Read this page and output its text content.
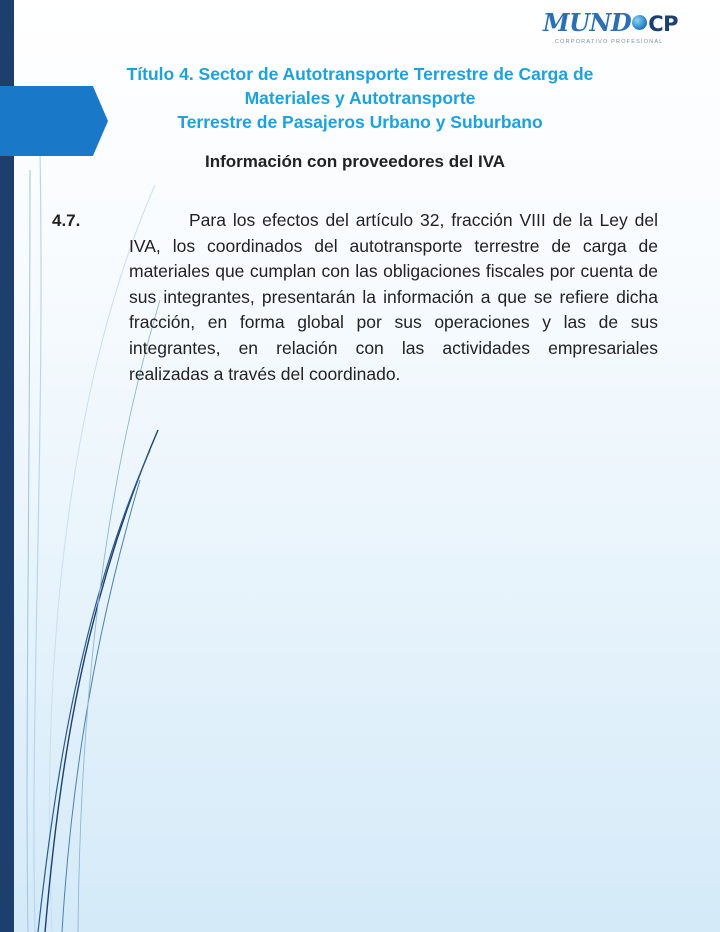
MUND CP
CORPORATIVO PROFESIONAL
Título 4. Sector de Autotransporte Terrestre de Carga de
Materiales y Autotransporte
Terrestre de Pasajeros Urbano y Suburbano
Información con proveedores del IVA
4.7.	Para los efectos del artículo 32, fracción VIII de la Ley del IVA, los coordinados del autotransporte terrestre de carga de materiales que cumplan con las obligaciones fiscales por cuenta de sus integrantes, presentarán la información a que se refiere dicha fracción, en forma global por sus operaciones y las de sus integrantes, en relación con las actividades empresariales realizadas a través del coordinado.
